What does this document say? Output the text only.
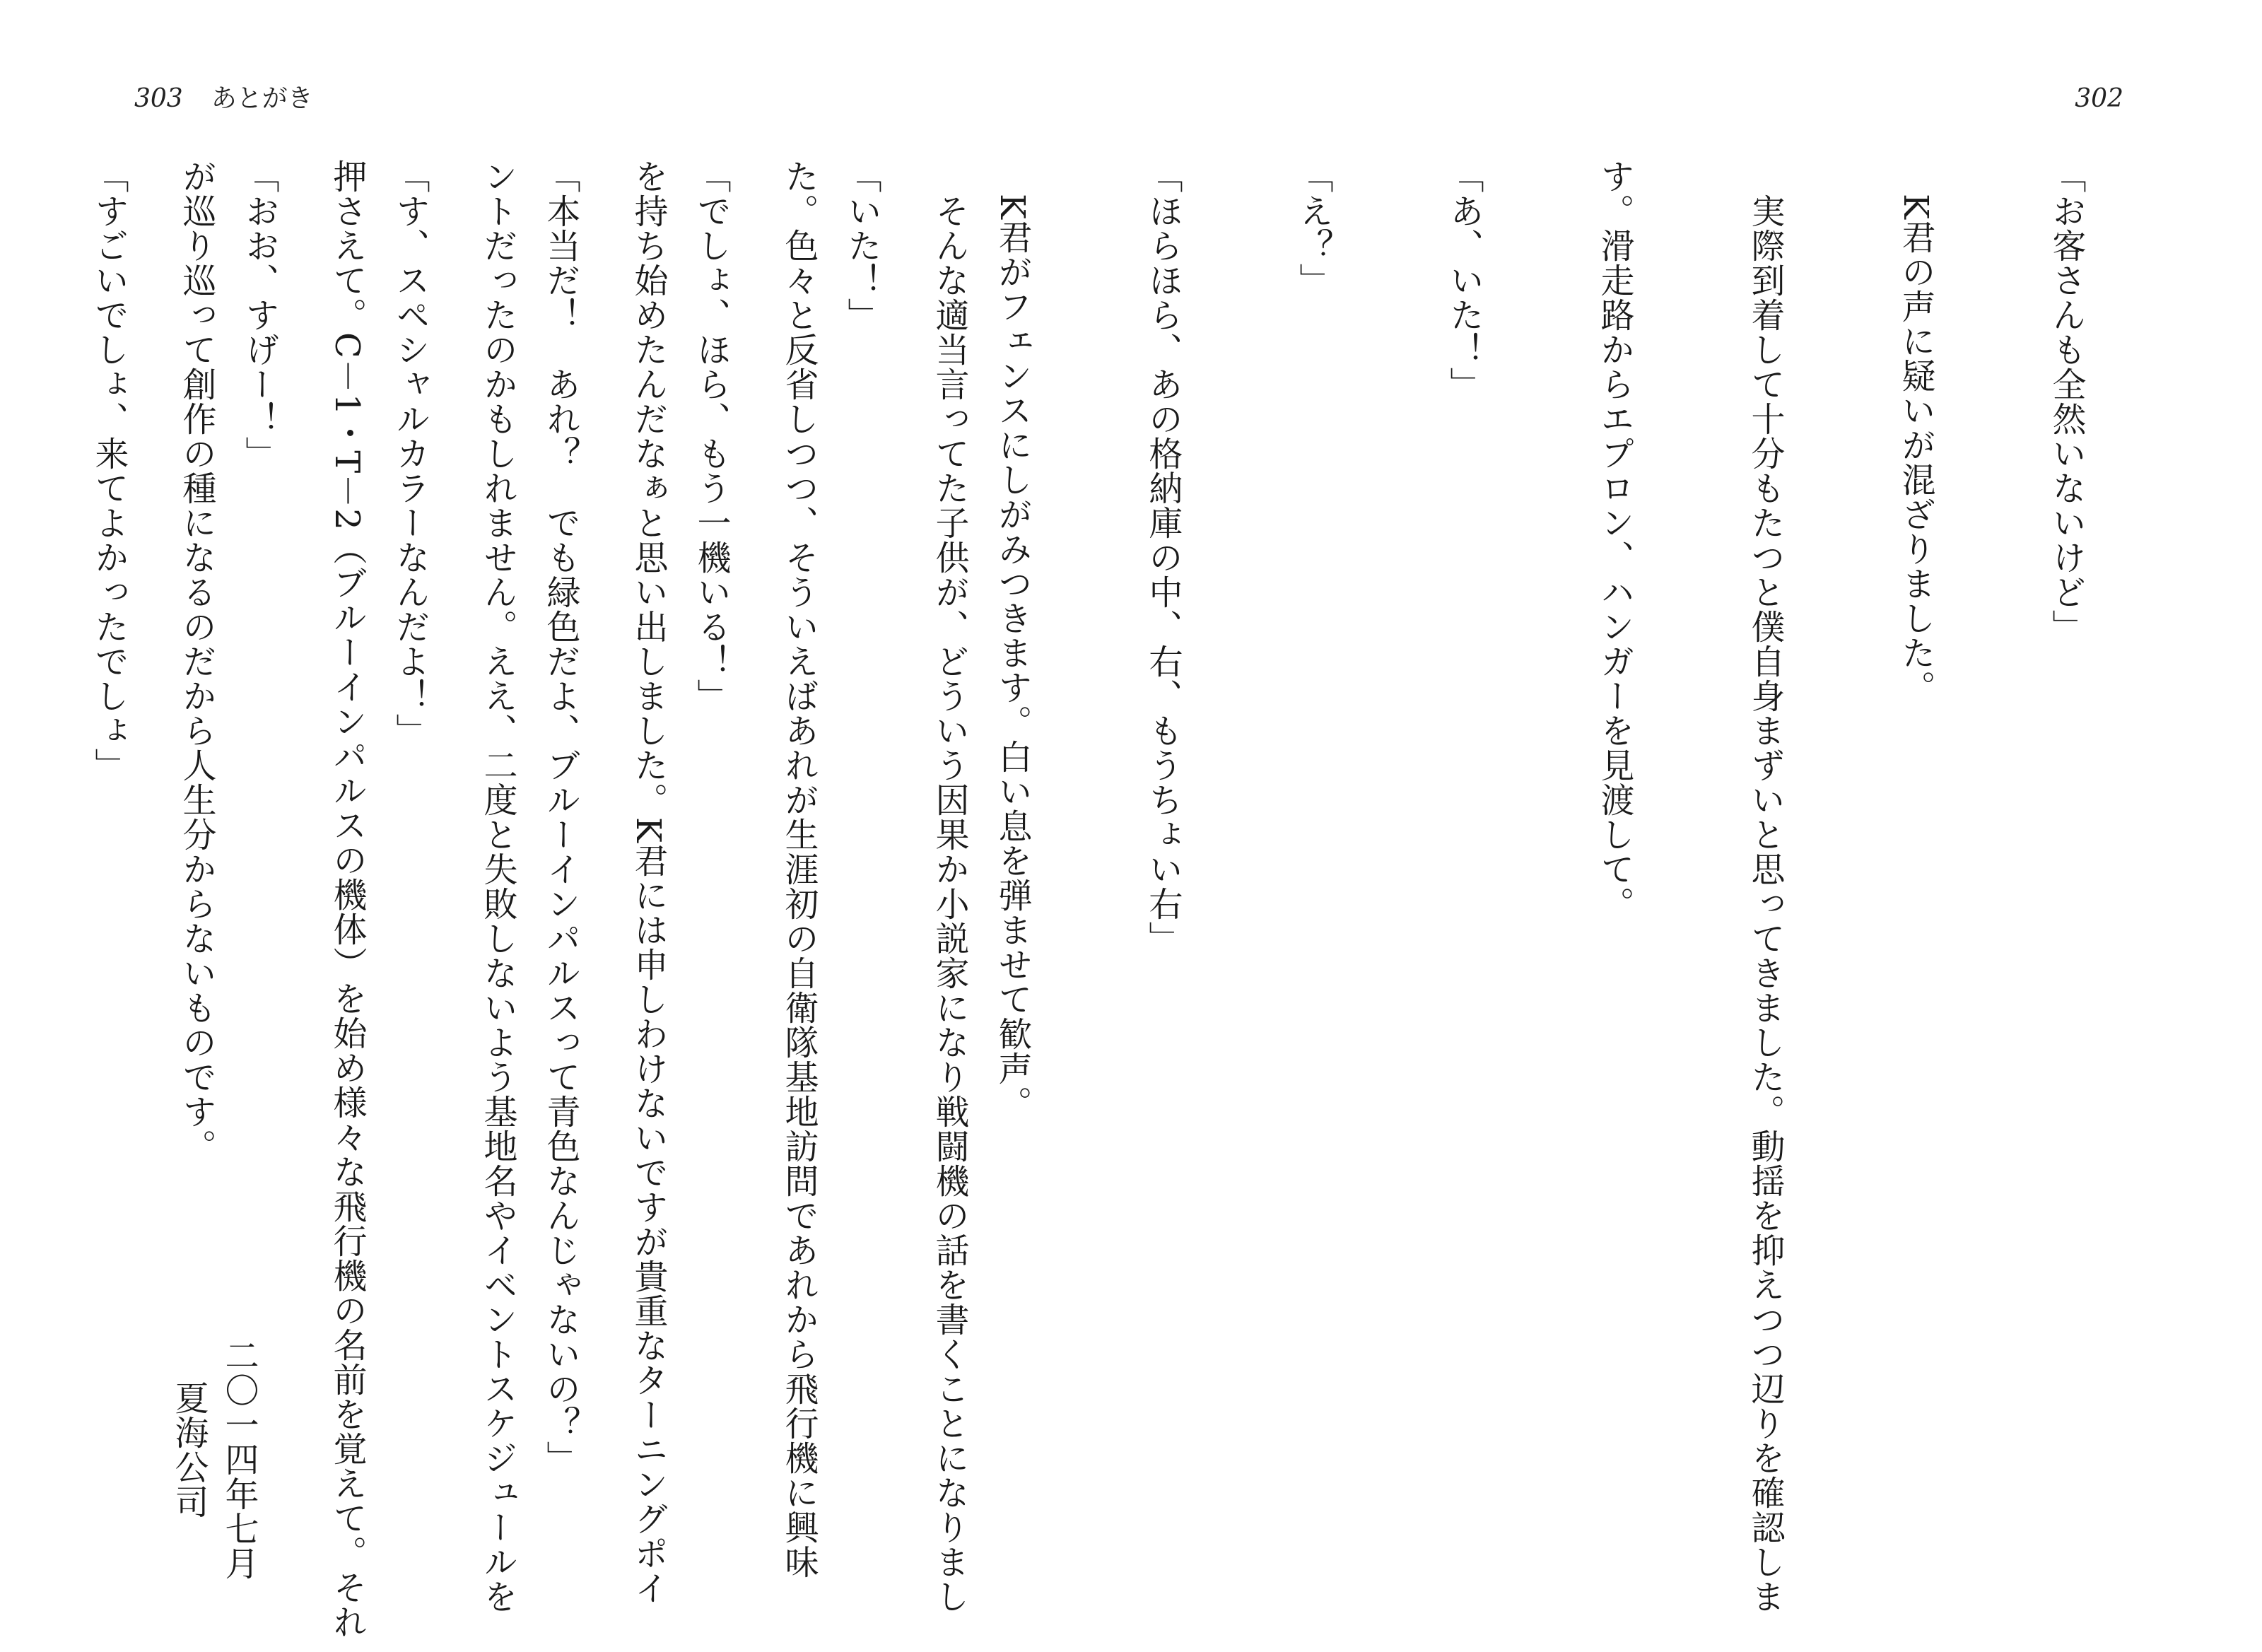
303 あとがき	302

「お客さんも全然いないけど」

　K君の声に疑いが混ざりました。

　実際到着して十分もたつと僕自身まずいと思ってきました。動揺を抑えつつ辺りを確認しま

す。滑走路からエプロン、ハンガーを見渡して。

「あ、いた！」

「え？」

「ほらほら、あの格納庫の中、右、もうちょい右」

　K君がフェンスにしがみつきます。白い息を弾ませて歓声。

「いた！」

「でしょ、ほら、もう一機いる！」

「本当だ！　あれ？　でも緑色だよ、ブルーインパルスって青色なんじゃないの？」

「す、スペシャルカラーなんだよ！」

「おお、すげー！」

「すごいでしょ、来てよかったでしょ」

	　そんな適当言ってた子供が、どういう因果か小説家になり戦闘機の話を書くことになりまし

た。色々と反省しつつ、そういえばあれが生涯初の自衛隊基地訪問であれから飛行機に興味

を持ち始めたんだなぁと思い出しました。K君には申しわけないですが貴重なターニングポイ

ントだったのかもしれません。ええ、二度と失敗しないよう基地名やイベントスケジュールを

押さえて。C－1・T－2（ブルーインパルスの機体）を始め様々な飛行機の名前を覚えて。それ

が巡り巡って創作の種になるのだから人生分からないものです。

二〇一四年七月
夏海公司
